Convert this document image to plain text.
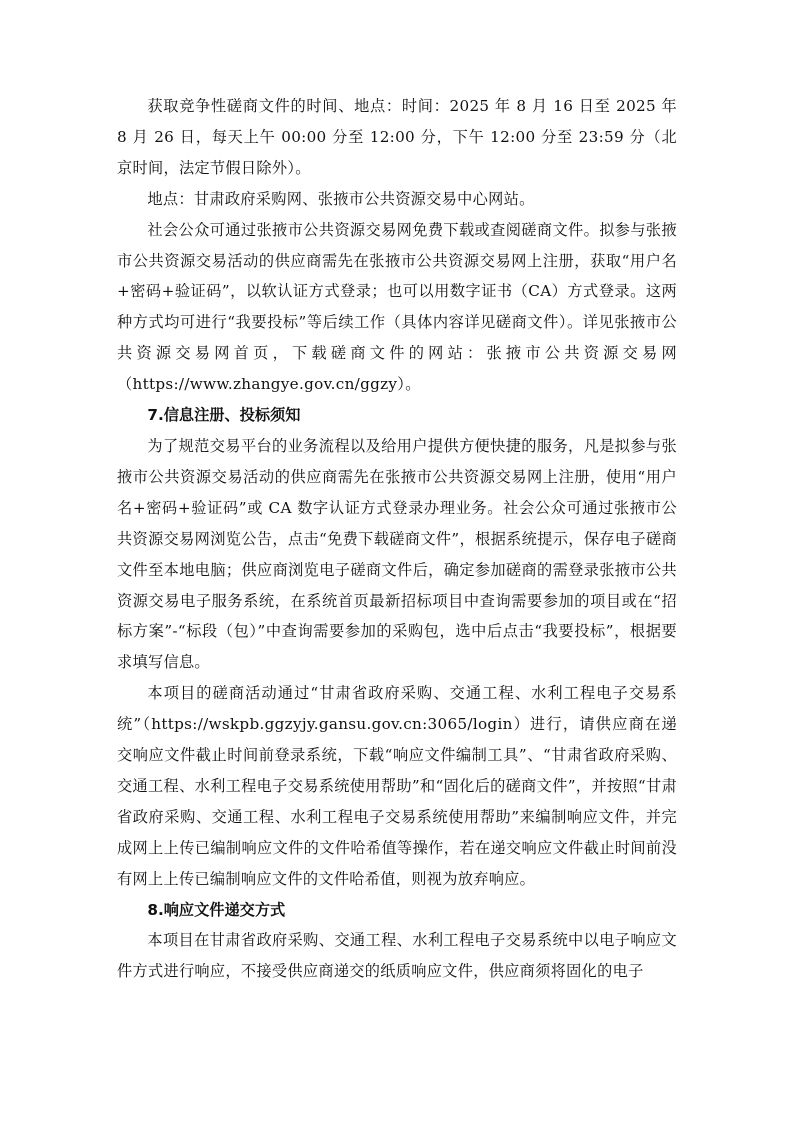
获取竞争性磋商文件的时间、地点：时间：2025 年 8 月 16 日至 2025 年 8 月 26 日，每天上午 00:00 分至 12:00 分，下午 12:00 分至 23:59 分（北京时间，法定节假日除外）。

地点：甘肃政府采购网、张掖市公共资源交易中心网站。

社会公众可通过张掖市公共资源交易网免费下载或查阅磋商文件。拟参与张掖市公共资源交易活动的供应商需先在张掖市公共资源交易网上注册，获取“用户名+密码+验证码”，以软认证方式登录；也可以用数字证书（CA）方式登录。这两种方式均可进行“我要投标”等后续工作（具体内容详见磋商文件）。详见张掖市公共资源交易网首页，下载磋商文件的网站：张掖市公共资源交易网（https://www.zhangye.gov.cn/ggzy）。

7.信息注册、投标须知

为了规范交易平台的业务流程以及给用户提供方便快捷的服务，凡是拟参与张掖市公共资源交易活动的供应商需先在张掖市公共资源交易网上注册，使用“用户名+密码+验证码”或 CA 数字认证方式登录办理业务。社会公众可通过张掖市公共资源交易网浏览公告，点击“免费下载磋商文件”，根据系统提示，保存电子磋商文件至本地电脑；供应商浏览电子磋商文件后，确定参加磋商的需登录张掖市公共资源交易电子服务系统，在系统首页最新招标项目中查询需要参加的项目或在“招标方案”-“标段（包）”中查询需要参加的采购包，选中后点击“我要投标”，根据要求填写信息。

本项目的磋商活动通过“甘肃省政府采购、交通工程、水利工程电子交易系统”（https://wskpb.ggzyjy.gansu.gov.cn:3065/login）进行，请供应商在递交响应文件截止时间前登录系统，下载“响应文件编制工具”、“甘肃省政府采购、交通工程、水利工程电子交易系统使用帮助”和“固化后的磋商文件”，并按照“甘肃省政府采购、交通工程、水利工程电子交易系统使用帮助”来编制响应文件，并完成网上上传已编制响应文件的文件哈希值等操作，若在递交响应文件截止时间前没有网上上传已编制响应文件的文件哈希值，则视为放弃响应。

8.响应文件递交方式

本项目在甘肃省政府采购、交通工程、水利工程电子交易系统中以电子响应文件方式进行响应，不接受供应商递交的纸质响应文件，供应商须将固化的电子
